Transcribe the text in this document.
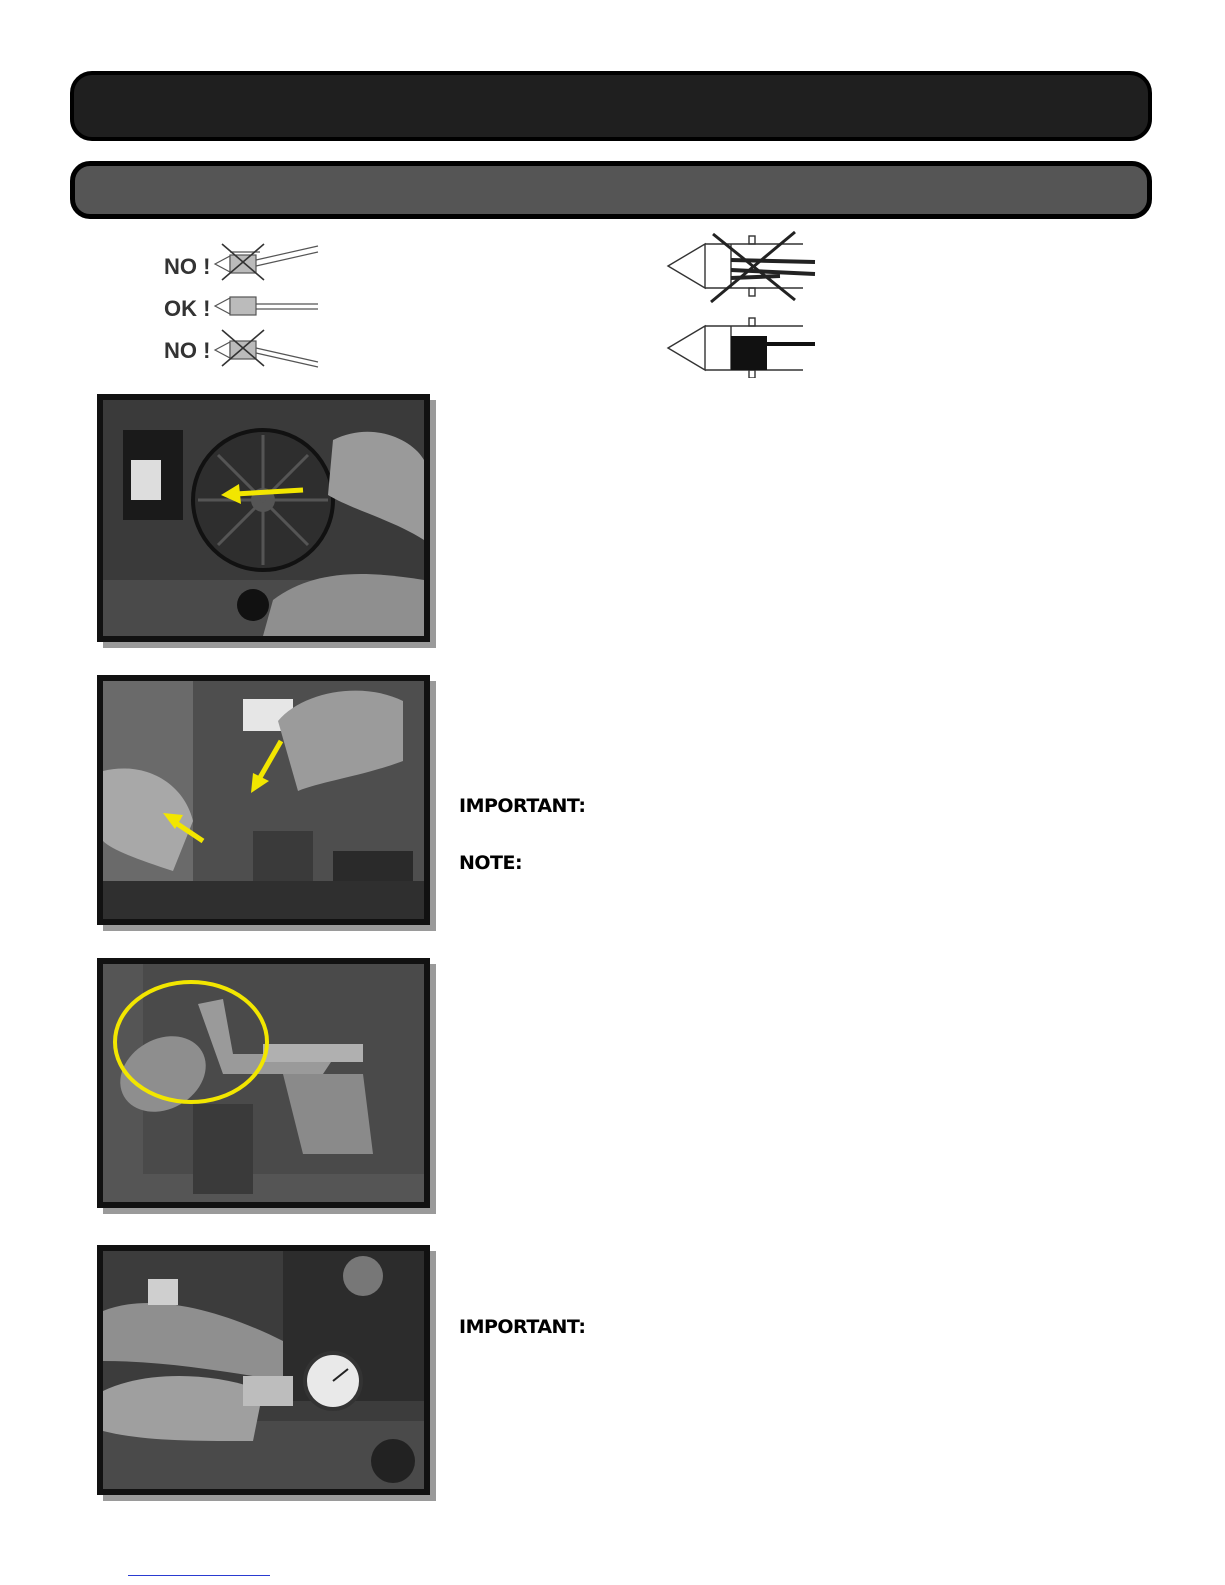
NO !
OK !
NO !
IMPORTANT:
NOTE:
IMPORTANT:
